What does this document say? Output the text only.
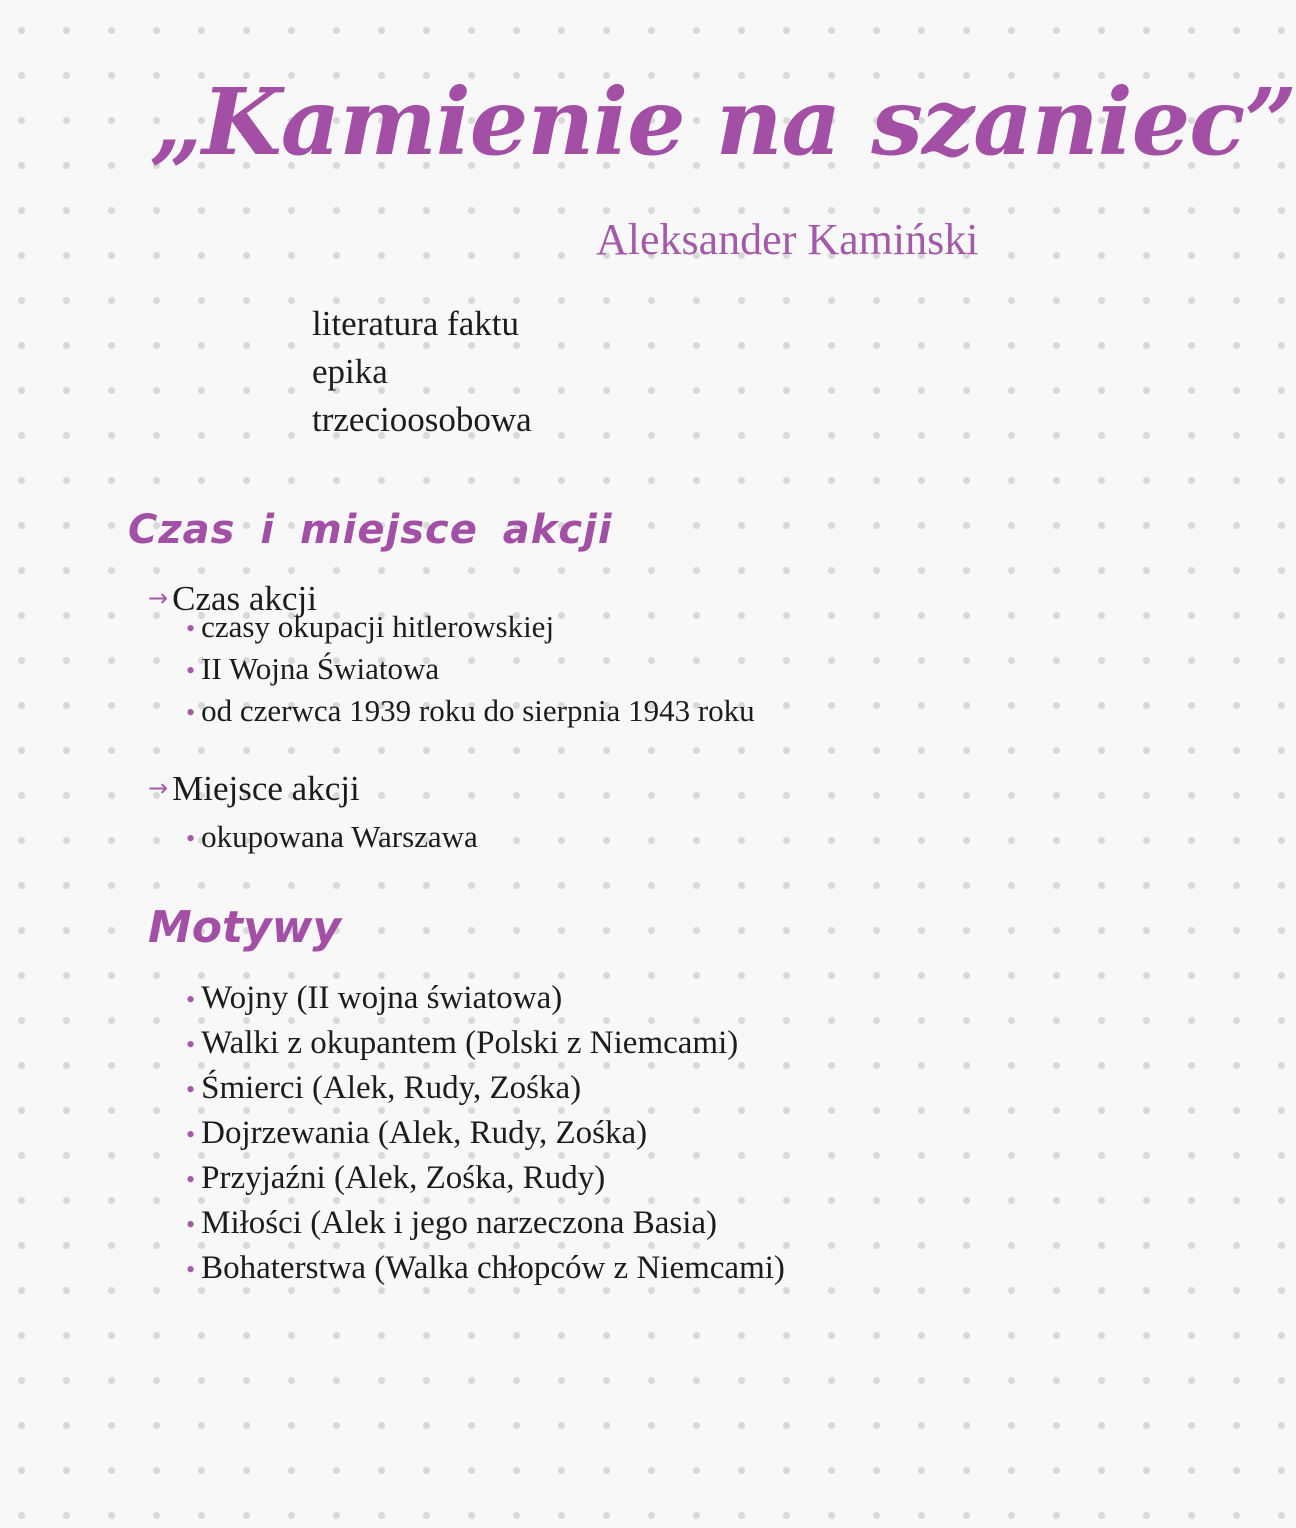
„Kamienie na szaniec”
Aleksander Kamiński
literatura faktu
epika
trzecioosobowa
Czas i miejsce akcji
→ Czas akcji
• czasy okupacji hitlerowskiej
• II Wojna Światowa
• od czerwca 1939 roku do sierpnia 1943 roku
→ Miejsce akcji
• okupowana Warszawa
Motywy
• Wojny (II wojna światowa)
• Walki z okupantem (Polski z Niemcami)
• Śmierci (Alek, Rudy, Zośka)
• Dojrzewania (Alek, Rudy, Zośka)
• Przyjaźni (Alek, Zośka, Rudy)
• Miłości (Alek i jego narzeczona Basia)
• Bohaterstwa (Walka chłopców z Niemcami)
